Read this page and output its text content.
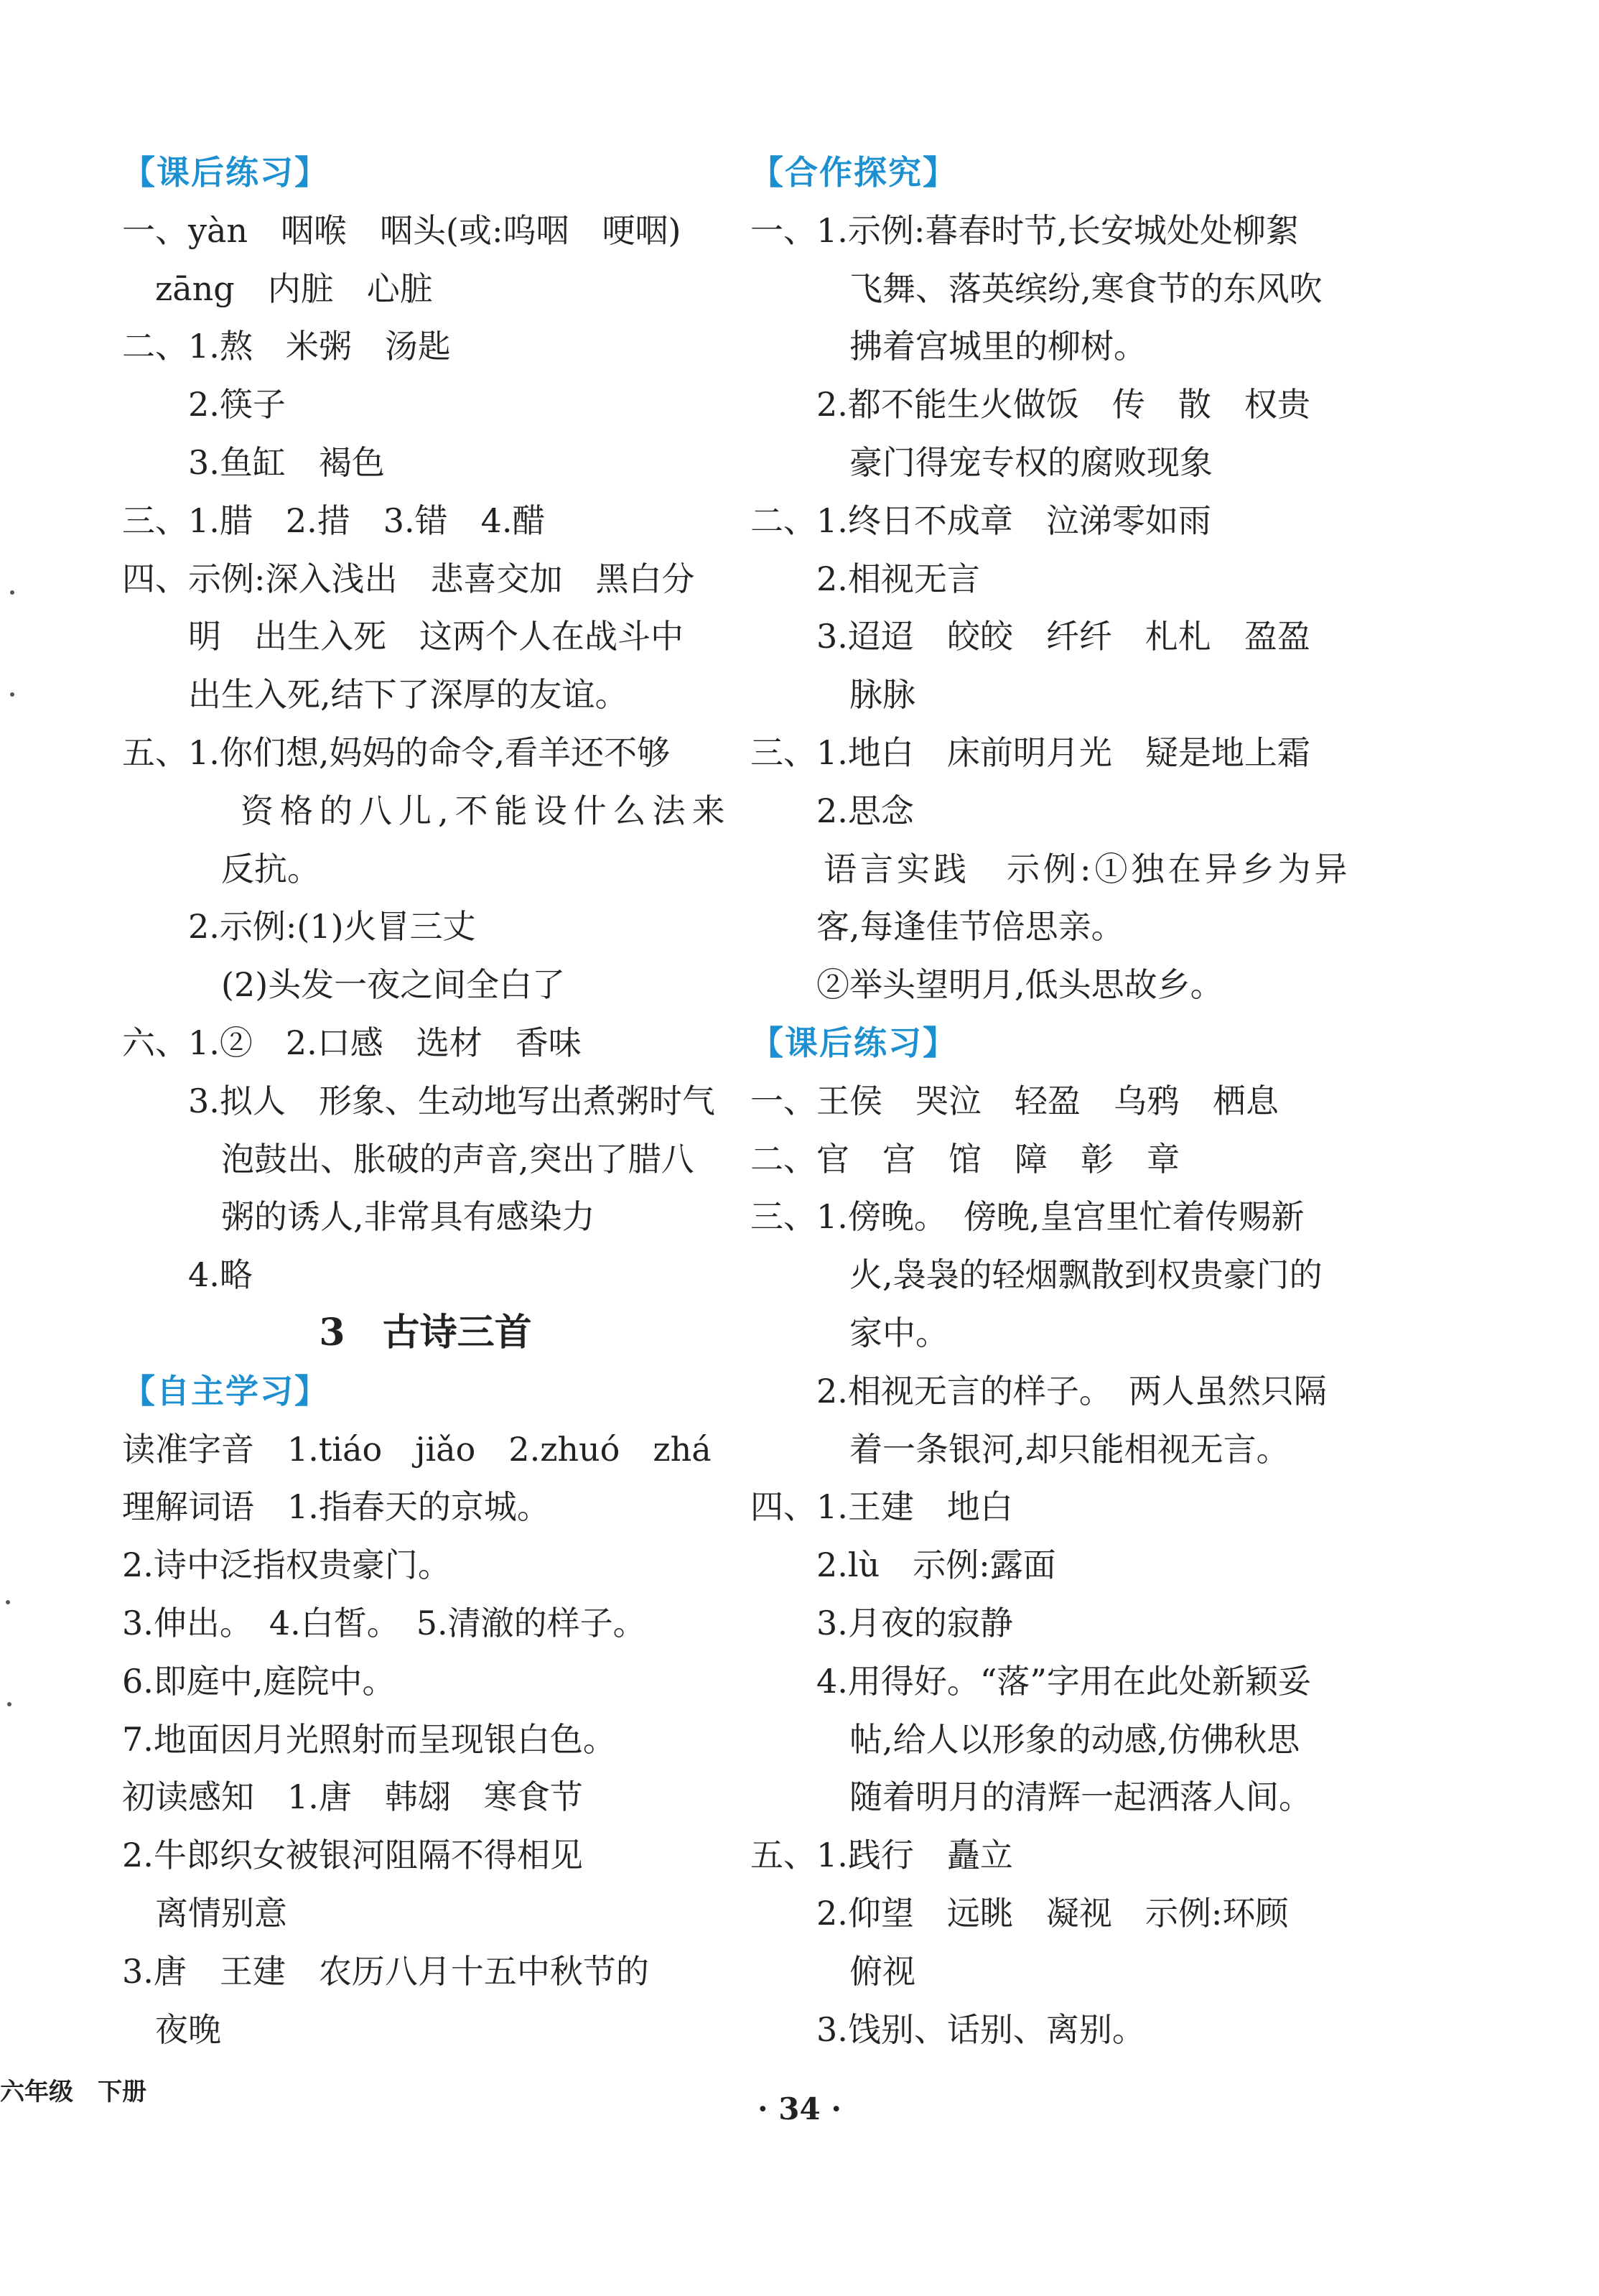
【课后练习】
一、yàn　咽喉　咽头(或:呜咽　哽咽)
　zāng　内脏　心脏
二、1.熬　米粥　汤匙
　　2.筷子
　　3.鱼缸　褐色
三、1.腊　2.措　3.错　4.醋
四、示例:深入浅出　悲喜交加　黑白分
　　明　出生入死　这两个人在战斗中
　　出生入死,结下了深厚的友谊。
五、1.你们想,妈妈的命令,看羊还不够
　　　资格的八儿,不能设什么法来
　　　反抗。
　　2.示例:(1)火冒三丈
　　　(2)头发一夜之间全白了
六、1.②　2.口感　选材　香味
　　3.拟人　形象、生动地写出煮粥时气
　　　泡鼓出、胀破的声音,突出了腊八
　　　粥的诱人,非常具有感染力
　　4.略
3　古诗三首
【自主学习】
读准字音　1.tiáo　jiǎo　2.zhuó　zhá
理解词语　1.指春天的京城。
2.诗中泛指权贵豪门。
3.伸出。　4.白皙。　5.清澈的样子。
6.即庭中,庭院中。
7.地面因月光照射而呈现银白色。
初读感知　1.唐　韩翃　寒食节
2.牛郎织女被银河阻隔不得相见
　离情别意
3.唐　王建　农历八月十五中秋节的
　夜晚
【合作探究】
一、1.示例:暮春时节,长安城处处柳絮
　　　飞舞、落英缤纷,寒食节的东风吹
　　　拂着宫城里的柳树。
　　2.都不能生火做饭　传　散　权贵
　　　豪门得宠专权的腐败现象
二、1.终日不成章　泣涕零如雨
　　2.相视无言
　　3.迢迢　皎皎　纤纤　札札　盈盈
　　　脉脉
三、1.地白　床前明月光　疑是地上霜
　　2.思念
　　语言实践　示例:①独在异乡为异
　　客,每逢佳节倍思亲。
　　②举头望明月,低头思故乡。
【课后练习】
一、王侯　哭泣　轻盈　乌鸦　栖息
二、官　宫　馆　障　彰　章
三、1.傍晚。　傍晚,皇宫里忙着传赐新
　　　火,袅袅的轻烟飘散到权贵豪门的
　　　家中。
　　2.相视无言的样子。　两人虽然只隔
　　　着一条银河,却只能相视无言。
四、1.王建　地白
　　2.lù　示例:露面
　　3.月夜的寂静
　　4.用得好。“落”字用在此处新颖妥
　　　帖,给人以形象的动感,仿佛秋思
　　　随着明月的清辉一起洒落人间。
五、1.践行　矗立
　　2.仰望　远眺　凝视　示例:环顾
　　　俯视
　　3.饯别、话别、离别。
六年级　下册	· 34 ·
